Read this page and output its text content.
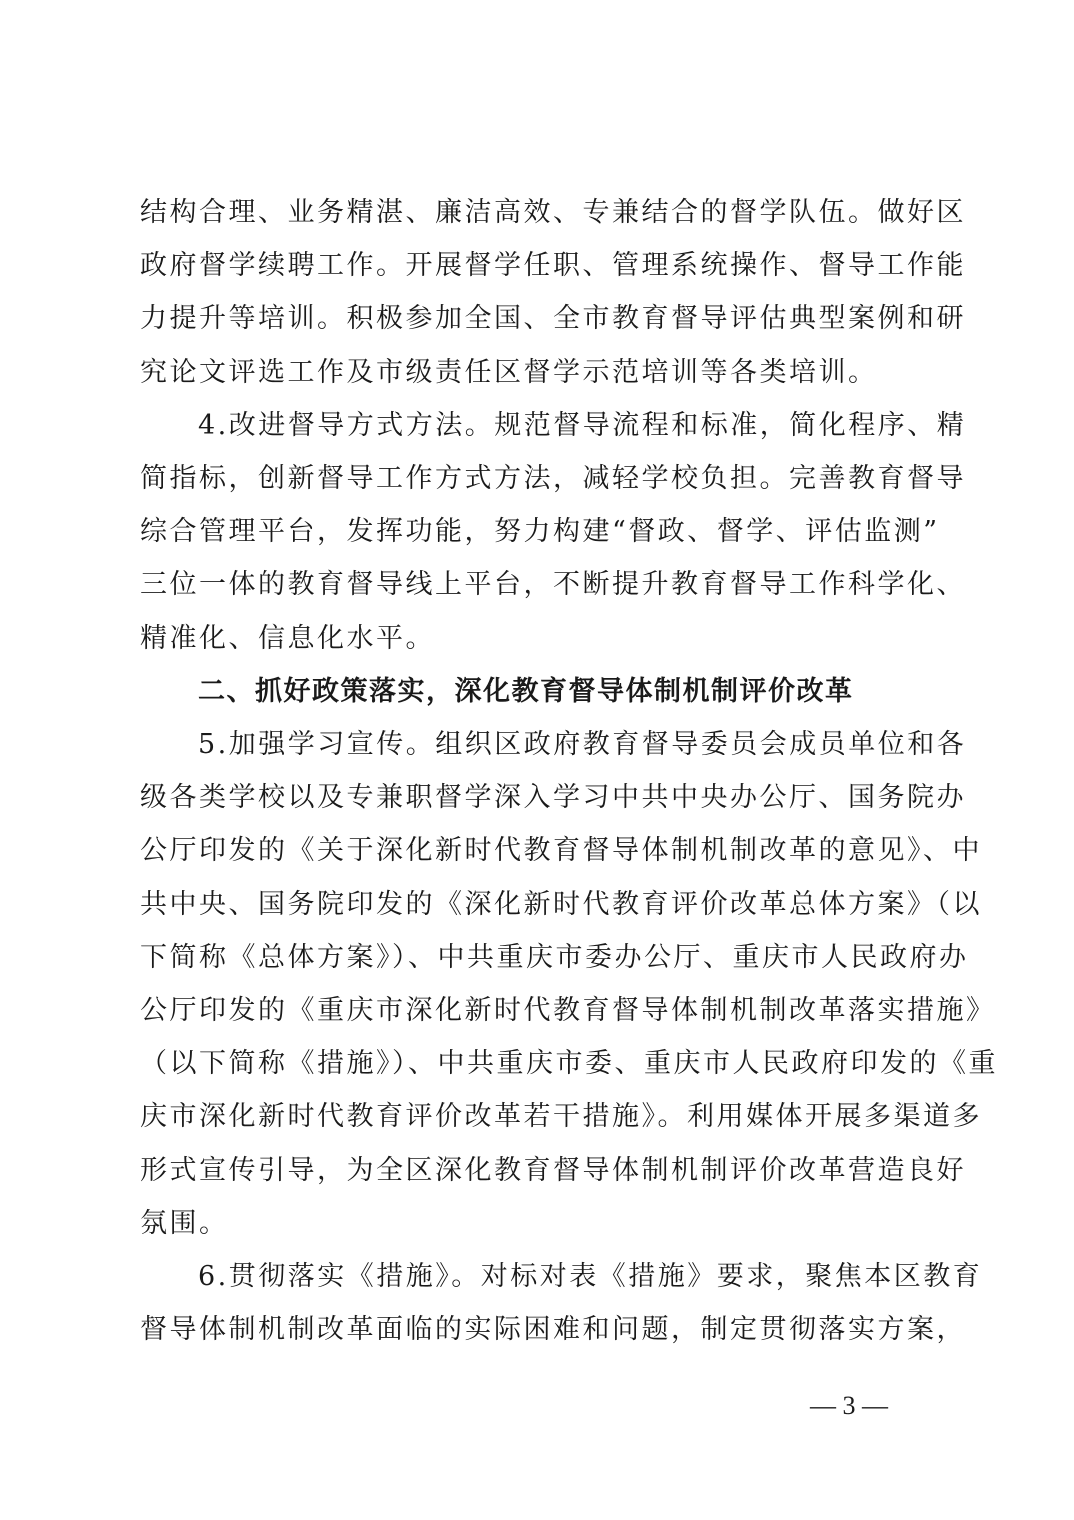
结构合理、业务精湛、廉洁高效、专兼结合的督学队伍。做好区
政府督学续聘工作。开展督学任职、管理系统操作、督导工作能
力提升等培训。积极参加全国、全市教育督导评估典型案例和研
究论文评选工作及市级责任区督学示范培训等各类培训。
4.改进督导方式方法。规范督导流程和标准，简化程序、精
简指标，创新督导工作方式方法，减轻学校负担。完善教育督导
综合管理平台，发挥功能，努力构建“督政、督学、评估监测”
三位一体的教育督导线上平台，不断提升教育督导工作科学化、
精准化、信息化水平。
二、抓好政策落实，深化教育督导体制机制评价改革
5.加强学习宣传。组织区政府教育督导委员会成员单位和各
级各类学校以及专兼职督学深入学习中共中央办公厅、国务院办
公厅印发的《关于深化新时代教育督导体制机制改革的意见》、中
共中央、国务院印发的《深化新时代教育评价改革总体方案》（以
下简称《总体方案》）、中共重庆市委办公厅、重庆市人民政府办
公厅印发的《重庆市深化新时代教育督导体制机制改革落实措施》
（以下简称《措施》）、中共重庆市委、重庆市人民政府印发的《重
庆市深化新时代教育评价改革若干措施》。利用媒体开展多渠道多
形式宣传引导，为全区深化教育督导体制机制评价改革营造良好
氛围。
6.贯彻落实《措施》。对标对表《措施》要求，聚焦本区教育
督导体制机制改革面临的实际困难和问题，制定贯彻落实方案，
— 3 —
